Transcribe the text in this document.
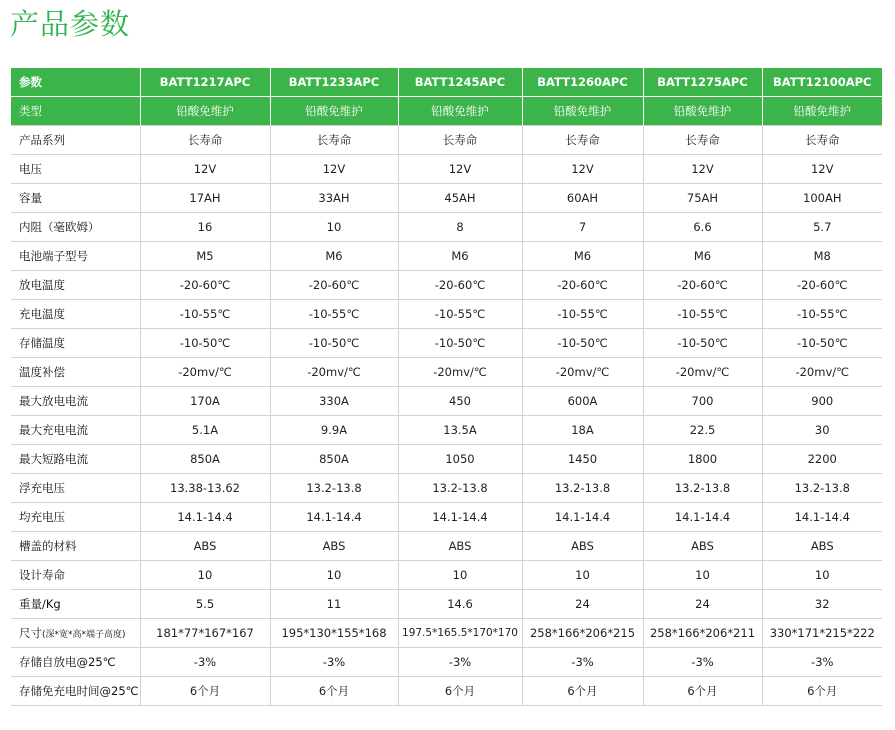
产品参数
参数	BATT1217APC	BATT1233APC	BATT1245APC	BATT1260APC	BATT1275APC	BATT12100APC
类型	铅酸免维护	铅酸免维护	铅酸免维护	铅酸免维护	铅酸免维护	铅酸免维护
产品系列	长寿命	长寿命	长寿命	长寿命	长寿命	长寿命
电压	12V	12V	12V	12V	12V	12V
容量	17AH	33AH	45AH	60AH	75AH	100AH
内阻（毫欧姆）	16	10	8	7	6.6	5.7
电池端子型号	M5	M6	M6	M6	M6	M8
放电温度	-20-60℃	-20-60℃	-20-60℃	-20-60℃	-20-60℃	-20-60℃
充电温度	-10-55℃	-10-55℃	-10-55℃	-10-55℃	-10-55℃	-10-55℃
存储温度	-10-50℃	-10-50℃	-10-50℃	-10-50℃	-10-50℃	-10-50℃
温度补偿	-20mv/℃	-20mv/℃	-20mv/℃	-20mv/℃	-20mv/℃	-20mv/℃
最大放电电流	170A	330A	450	600A	700	900
最大充电电流	5.1A	9.9A	13.5A	18A	22.5	30
最大短路电流	850A	850A	1050	1450	1800	2200
浮充电压	13.38-13.62	13.2-13.8	13.2-13.8	13.2-13.8	13.2-13.8	13.2-13.8
均充电压	14.1-14.4	14.1-14.4	14.1-14.4	14.1-14.4	14.1-14.4	14.1-14.4
槽盖的材料	ABS	ABS	ABS	ABS	ABS	ABS
设计寿命	10	10	10	10	10	10
重量/Kg	5.5	11	14.6	24	24	32
尺寸(深*宽*高*端子高度)	181*77*167*167	195*130*155*168	197.5*165.5*170*170	258*166*206*215	258*166*206*211	330*171*215*222
存储自放电@25℃	-3%	-3%	-3%	-3%	-3%	-3%
存储免充电时间@25℃	6个月	6个月	6个月	6个月	6个月	6个月
